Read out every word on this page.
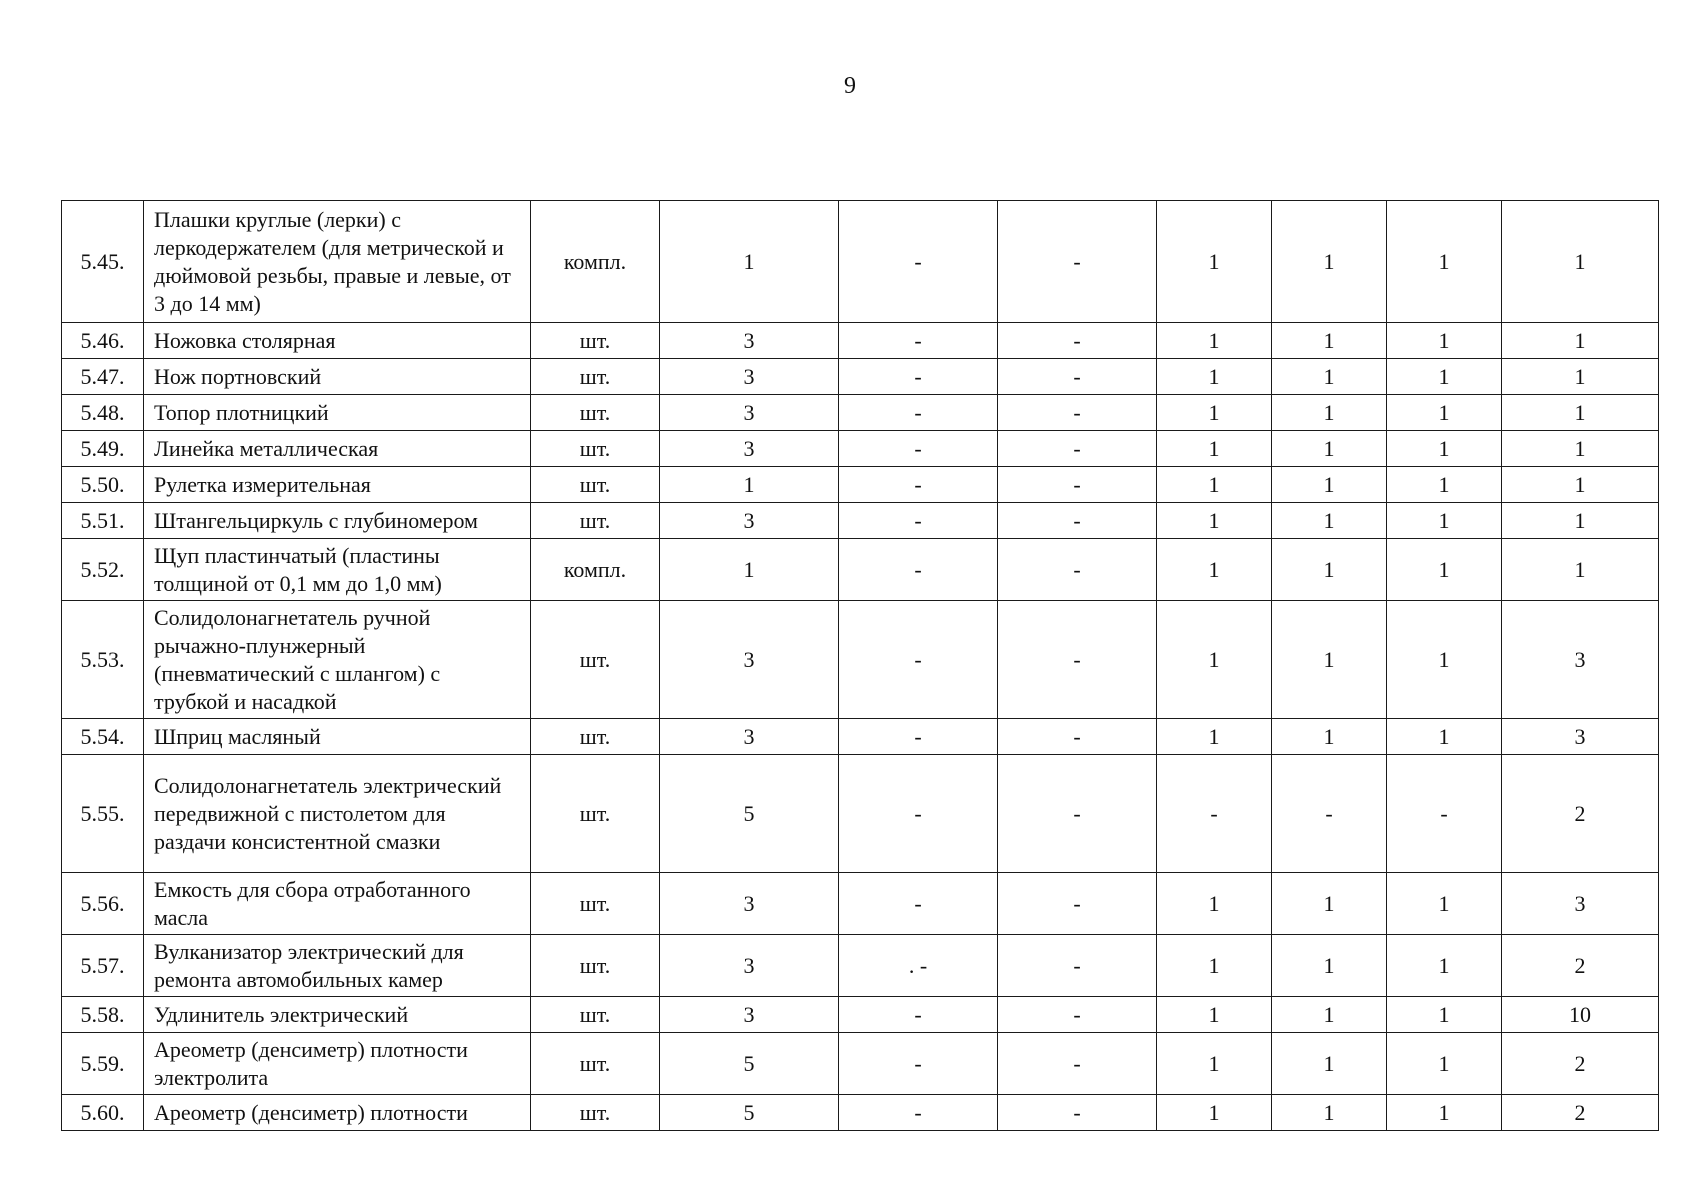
9
5.45.	Плашки круглые (лерки) с леркодержателем (для метрической и дюймовой резьбы, правые и левые, от 3 до 14 мм)	компл.	1	-	-	1	1	1	1
5.46.	Ножовка столярная	шт.	3	-	-	1	1	1	1
5.47.	Нож портновский	шт.	3	-	-	1	1	1	1
5.48.	Топор плотницкий	шт.	3	-	-	1	1	1	1
5.49.	Линейка металлическая	шт.	3	-	-	1	1	1	1
5.50.	Рулетка измерительная	шт.	1	-	-	1	1	1	1
5.51.	Штангельциркуль с глубиномером	шт.	3	-	-	1	1	1	1
5.52.	Щуп пластинчатый (пластины толщиной от 0,1 мм до 1,0 мм)	компл.	1	-	-	1	1	1	1
5.53.	Солидолонагнетатель ручной рычажно-плунжерный (пневматический с шлангом) с трубкой и насадкой	шт.	3	-	-	1	1	1	3
5.54.	Шприц масляный	шт.	3	-	-	1	1	1	3
5.55.	Солидолонагнетатель электрический передвижной с пистолетом для раздачи консистентной смазки	шт.	5	-	-	-	-	-	2
5.56.	Емкость для сбора отработанного масла	шт.	3	-	-	1	1	1	3
5.57.	Вулканизатор электрический для ремонта автомобильных камер	шт.	3	. -	-	1	1	1	2
5.58.	Удлинитель электрический	шт.	3	-	-	1	1	1	10
5.59.	Ареометр (денсиметр) плотности электролита	шт.	5	-	-	1	1	1	2
5.60.	Ареометр (денсиметр) плотности	шт.	5	-	-	1	1	1	2
